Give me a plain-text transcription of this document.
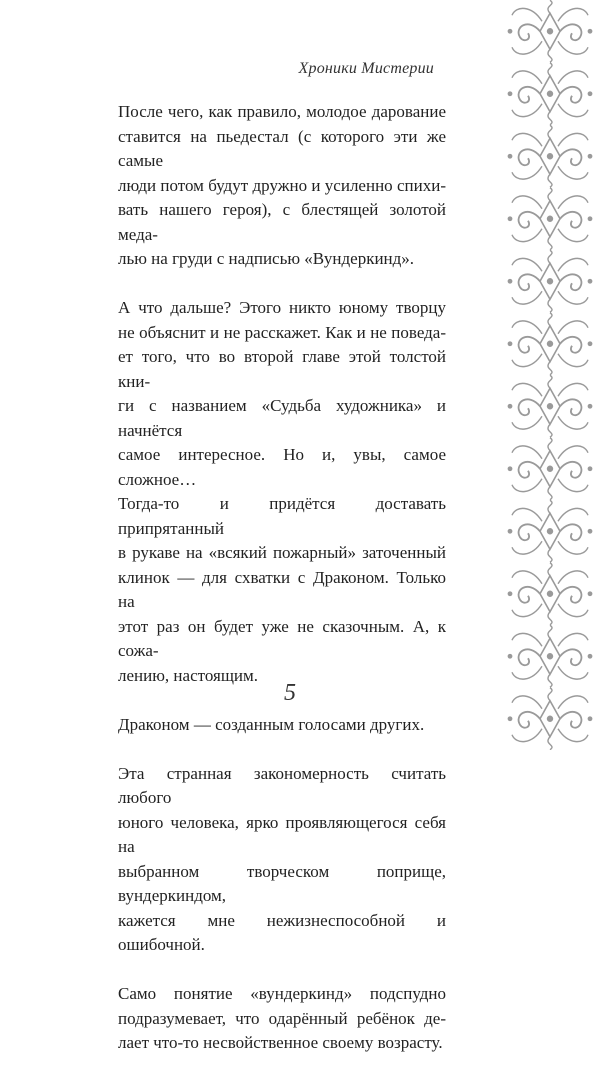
Хроники Мистерии
После чего, как правило, молодое дарование
ставится на пьедестал (с которого эти же самые
люди потом будут дружно и усиленно спихи-
вать нашего героя), с блестящей золотой меда-
лью на груди с надписью «Вундеркинд».
А что дальше? Этого никто юному творцу
не объяснит и не расскажет. Как и не поведа-
ет того, что во второй главе этой толстой кни-
ги с названием «Судьба художника» и начнётся
самое интересное. Но и, увы, самое сложное…
Тогда-то и придётся доставать припрятанный
в рукаве на «всякий пожарный» заточенный
клинок — для схватки с Драконом. Только на
этот раз он будет уже не сказочным. А, к сожа-
лению, настоящим.
Драконом — созданным голосами других.
Эта странная закономерность считать любого
юного человека, ярко проявляющегося себя на
выбранном творческом поприще, вундеркиндом,
кажется мне нежизнеспособной и ошибочной.
Само понятие «вундеркинд» подспудно
подразумевает, что одарённый ребёнок де-
лает что-то несвойственное своему возрасту.
5
